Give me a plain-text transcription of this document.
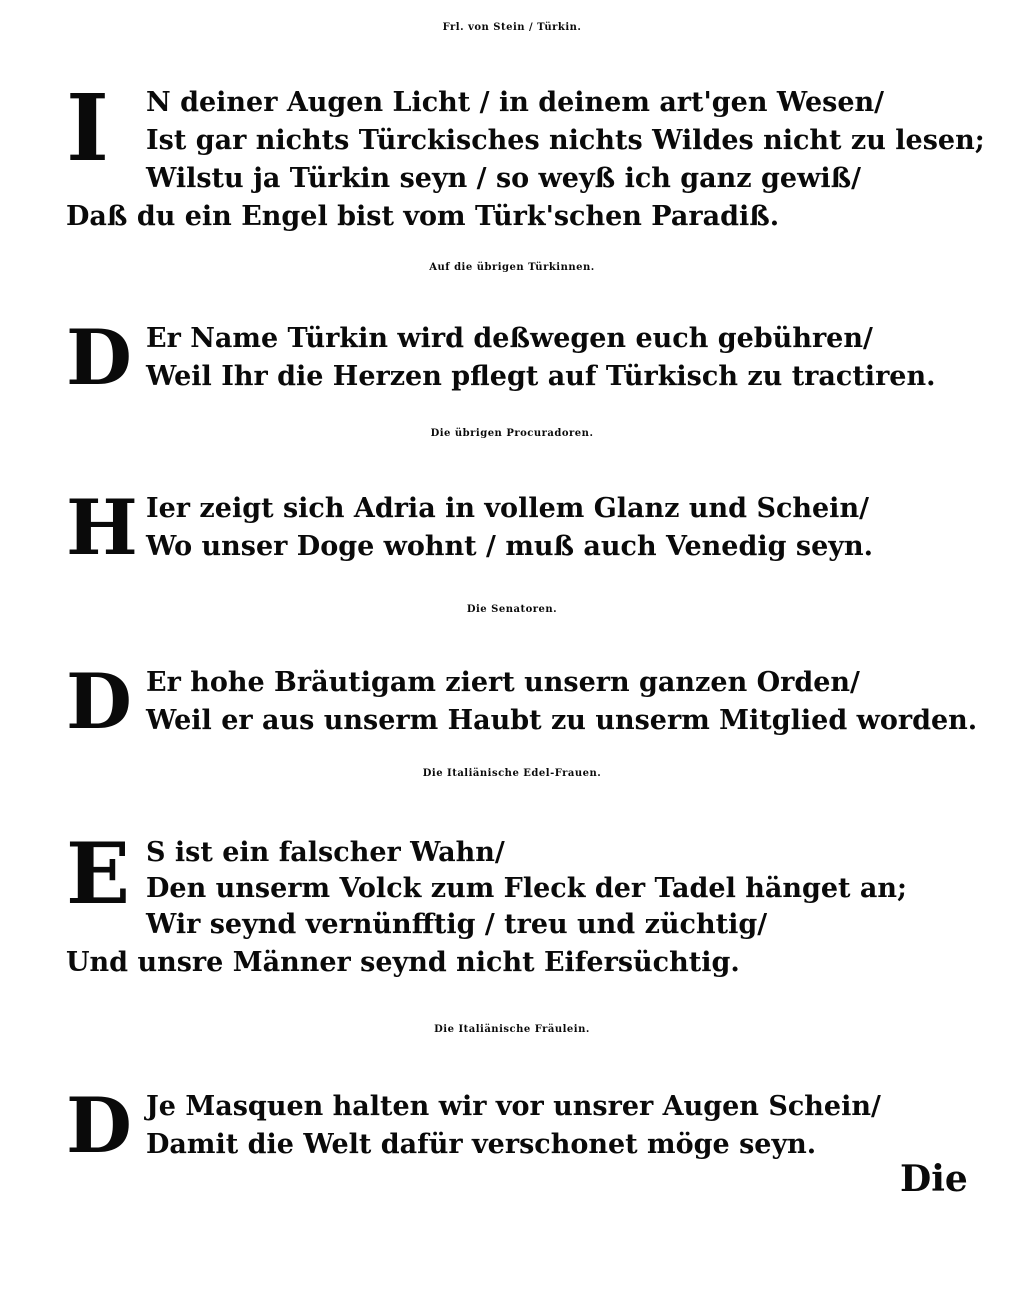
Frl. von Stein / Türkin.
I N deiner Augen Licht / in deinem art'gen Wesen/
Ist gar nichts Türckisches nichts Wildes nicht zu lesen;
Wilstu ja Türkin seyn / so weyß ich ganz gewiß/
Daß du ein Engel bist vom Türk'schen Paradiß.
Auf die übrigen Türkinnen.
D Er Name Türkin wird deßwegen euch gebühren/
Weil Ihr die Herzen pflegt auf Türkisch zu tractiren.
Die übrigen Procuradoren.
H Ier zeigt sich Adria in vollem Glanz und Schein/
Wo unser Doge wohnt / muß auch Venedig seyn.
Die Senatoren.
D Er hohe Bräutigam ziert unsern ganzen Orden/
Weil er aus unserm Haubt zu unserm Mitglied worden.
Die Italiänische Edel-Frauen.
E S ist ein falscher Wahn/
Den unserm Volck zum Fleck der Tadel hänget an;
Wir seynd vernünfftig / treu und züchtig/
Und unsre Männer seynd nicht Eifersüchtig.
Die Italiänische Fräulein.
D Je Masquen halten wir vor unsrer Augen Schein/
Damit die Welt dafür verschonet möge seyn.
Die
